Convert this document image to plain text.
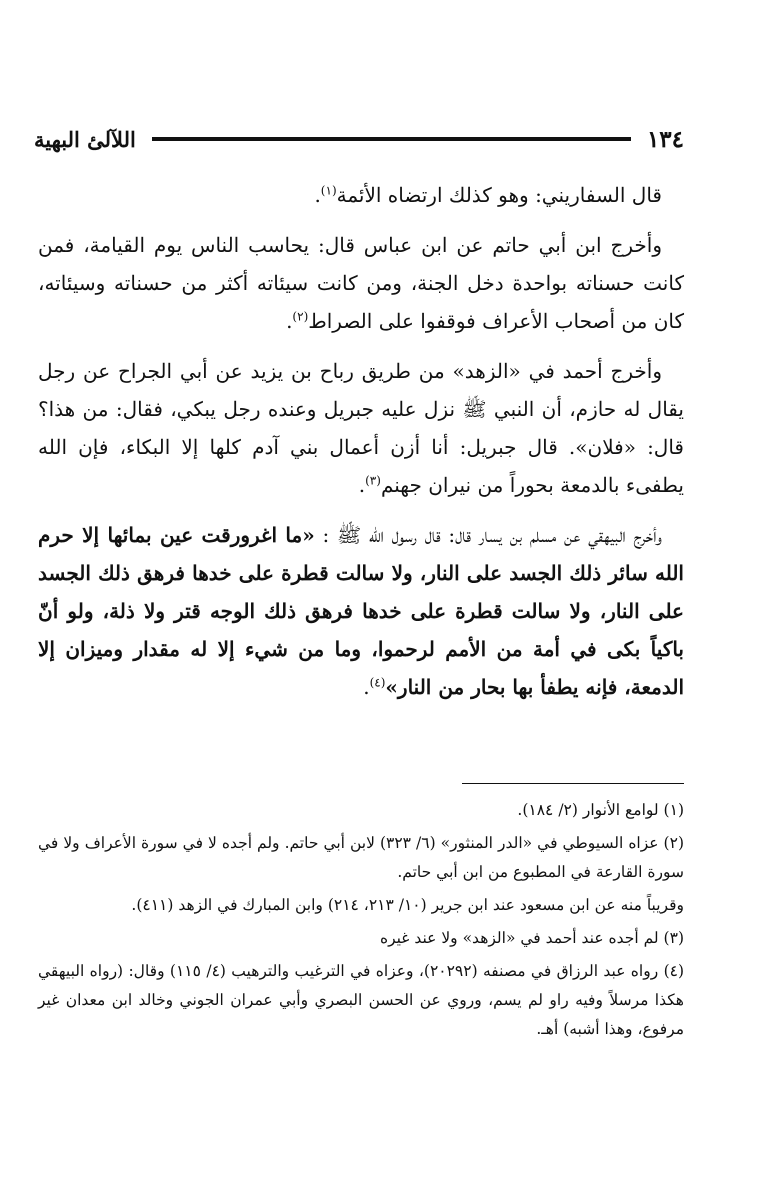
١٣٤
اللآلئ البهية

قال السفاريني: وهو كذلك ارتضاه الأئمة$^{(١)}$.

وأخرج ابن أبي حاتم عن ابن عباس قال: يحاسب الناس يوم القيامة، فمن كانت حسناته بواحدة دخل الجنة، ومن كانت سيئاته أكثر من حسناته وسيئاته، كان من أصحاب الأعراف فوقفوا على الصراط$^{(٢)}$.

وأخرج أحمد في «الزهد» من طريق رباح بن يزيد عن أبي الجراح عن رجل يقال له حازم، أن النبي ﷺ نزل عليه جبريل وعنده رجل يبكي، فقال: من هذا؟ قال: «فلان». قال جبريل: أنا أزن أعمال بني آدم كلها إلا البكاء، فإن الله يطفىء بالدمعة بحوراً من نيران جهنم$^{(٣)}$.

وأخرج البيهقي عن مسلم بن يسار قال: قال رسول الله ﷺ : «ما اغرورقت عين بمائها إلا حرم الله سائر ذلك الجسد على النار، ولا سالت قطرة على خدها فرهق ذلك الجسد على النار، ولا سالت قطرة على خدها فرهق ذلك الوجه قتر ولا ذلة، ولو أنّ باكياً بكى في أمة من الأمم لرحموا، وما من شيء إلا له مقدار وميزان إلا الدمعة، فإنه يطفأ بها بحار من النار»$^{(٤)}$.

(١) لوامع الأنوار (٢/ ١٨٤).
(٢) عزاه السيوطي في «الدر المنثور» (٦/ ٣٢٣) لابن أبي حاتم. ولم أجده لا في سورة الأعراف ولا في سورة القارعة في المطبوع من ابن أبي حاتم.
وقريباً منه عن ابن مسعود عند ابن جرير (١٠/ ٢١٣، ٢١٤) وابن المبارك في الزهد (٤١١).
(٣) لم أجده عند أحمد في «الزهد» ولا عند غيره
(٤) رواه عبد الرزاق في مصنفه (٢٠٢٩٢)، وعزاه في الترغيب والترهيب (٤/ ١١٥) وقال: (رواه البيهقي هكذا مرسلاً وفيه راو لم يسم، وروي عن الحسن البصري وأبي عمران الجوني وخالد ابن معدان غير مرفوع، وهذا أشبه) أهـ.
